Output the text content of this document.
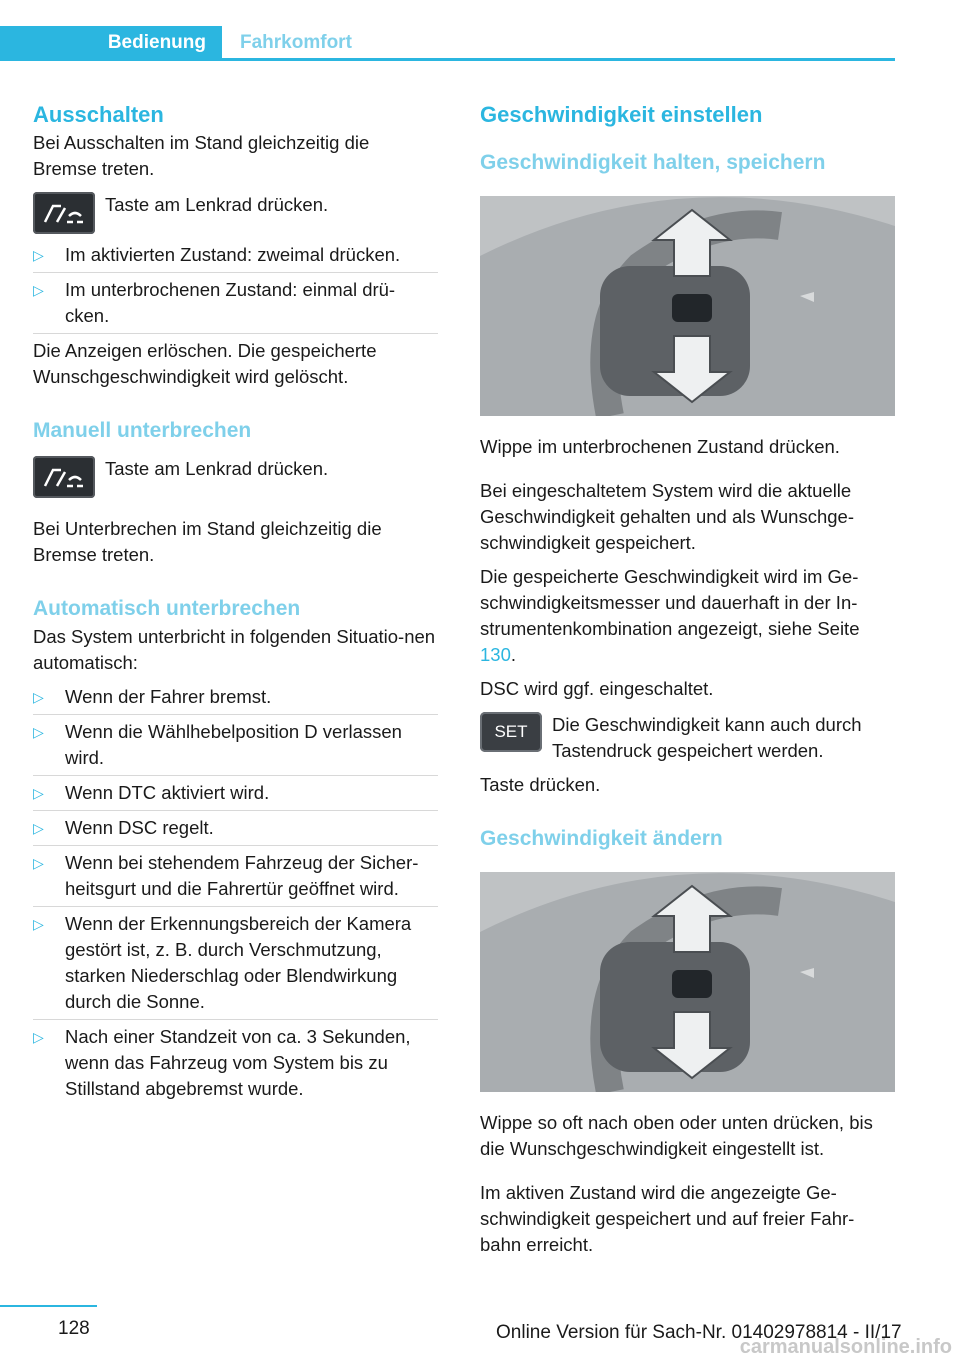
Bedienung Fahrkomfort
Ausschalten

Bei Ausschalten im Stand gleichzeitig die Bremse treten.

Taste am Lenkrad drücken.

▷ Im aktivierten Zustand: zweimal drücken.
▷ Im unterbrochenen Zustand: einmal drü-cken.

Die Anzeigen erlöschen. Die gespeicherte Wunschgeschwindigkeit wird gelöscht.

Manuell unterbrechen

Taste am Lenkrad drücken.

Bei Unterbrechen im Stand gleichzeitig die Bremse treten.

Automatisch unterbrechen

Das System unterbricht in folgenden Situatio-nen automatisch:

▷ Wenn der Fahrer bremst.
▷ Wenn die Wählhebelposition D verlassen wird.
▷ Wenn DTC aktiviert wird.
▷ Wenn DSC regelt.
▷ Wenn bei stehendem Fahrzeug der Sicher-heitsgurt und die Fahrertür geöffnet wird.
▷ Wenn der Erkennungsbereich der Kamera gestört ist, z. B. durch Verschmutzung, starken Niederschlag oder Blendwirkung durch die Sonne.
▷ Nach einer Standzeit von ca. 3 Sekunden, wenn das Fahrzeug vom System bis zu Stillstand abgebremst wurde.
Geschwindigkeit einstellen
Geschwindigkeit halten, speichern

Wippe im unterbrochenen Zustand drücken.

Bei eingeschaltetem System wird die aktuelle Geschwindigkeit gehalten und als Wunschge-schwindigkeit gespeichert.

Die gespeicherte Geschwindigkeit wird im Ge-schwindigkeitsmesser und dauerhaft in der In-strumentenkombination angezeigt, siehe Seite 130.

DSC wird ggf. eingeschaltet.

SET	Die Geschwindigkeit kann auch durch Tastendruck gespeichert werden.

Taste drücken.

Geschwindigkeit ändern

Wippe so oft nach oben oder unten drücken, bis die Wunschgeschwindigkeit eingestellt ist.

Im aktiven Zustand wird die angezeigte Ge-schwindigkeit gespeichert und auf freier Fahr-bahn erreicht.

128	Online Version für Sach-Nr. 01402978814 - II/17
carmanualsonline.info
